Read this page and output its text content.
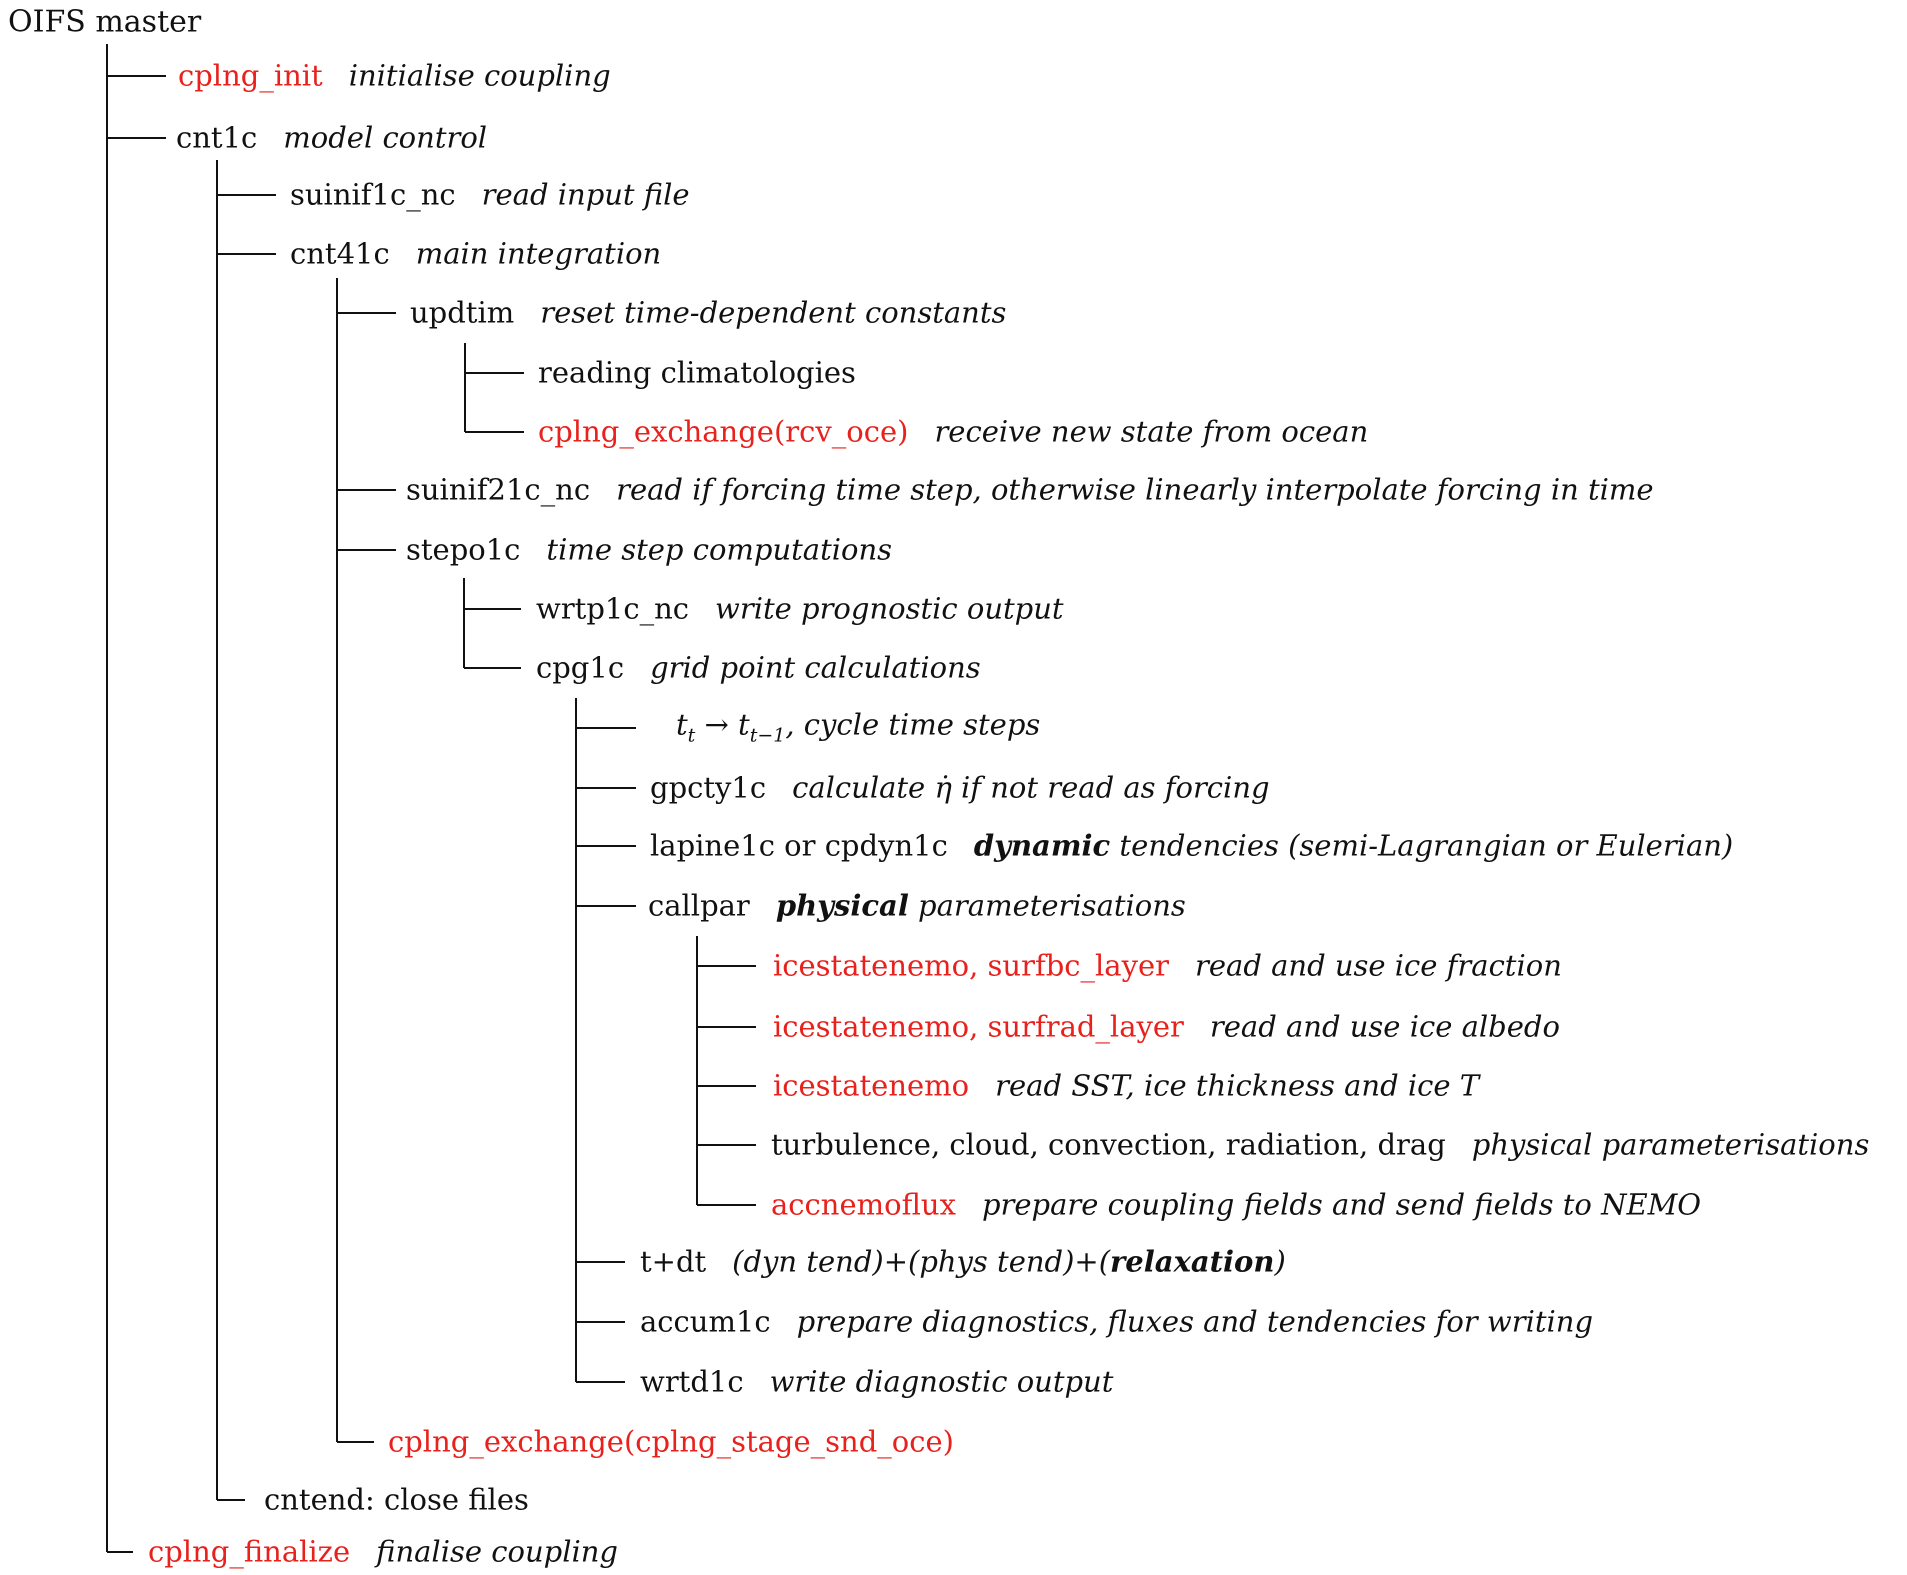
OIFS master
cplng_init initialise coupling
cnt1c model control
suinif1c_nc read input file
cnt41c main integration
updtim reset time-dependent constants
reading climatologies
cplng_exchange(rcv_oce) receive new state from ocean
suinif21c_nc read if forcing time step, otherwise linearly interpolate forcing in time
stepo1c time step computations
wrtp1c_nc write prognostic output
cpg1c grid point calculations
$t_t \to t_{t-1}$, cycle time steps
gpcty1c calculate η̇ if not read as forcing
lapine1c or cpdyn1c dynamic tendencies (semi-Lagrangian or Eulerian)
callpar physical parameterisations
icestatenemo, surfbc_layer read and use ice fraction
icestatenemo, surfrad_layer read and use ice albedo
icestatenemo read SST, ice thickness and ice T
turbulence, cloud, convection, radiation, drag physical parameterisations
accnemoflux prepare coupling fields and send fields to NEMO
t+dt (dyn tend)+(phys tend)+(relaxation)
accum1c prepare diagnostics, fluxes and tendencies for writing
wrtd1c write diagnostic output
cplng_exchange(cplng_stage_snd_oce)
cntend: close files
cplng_finalize finalise coupling
